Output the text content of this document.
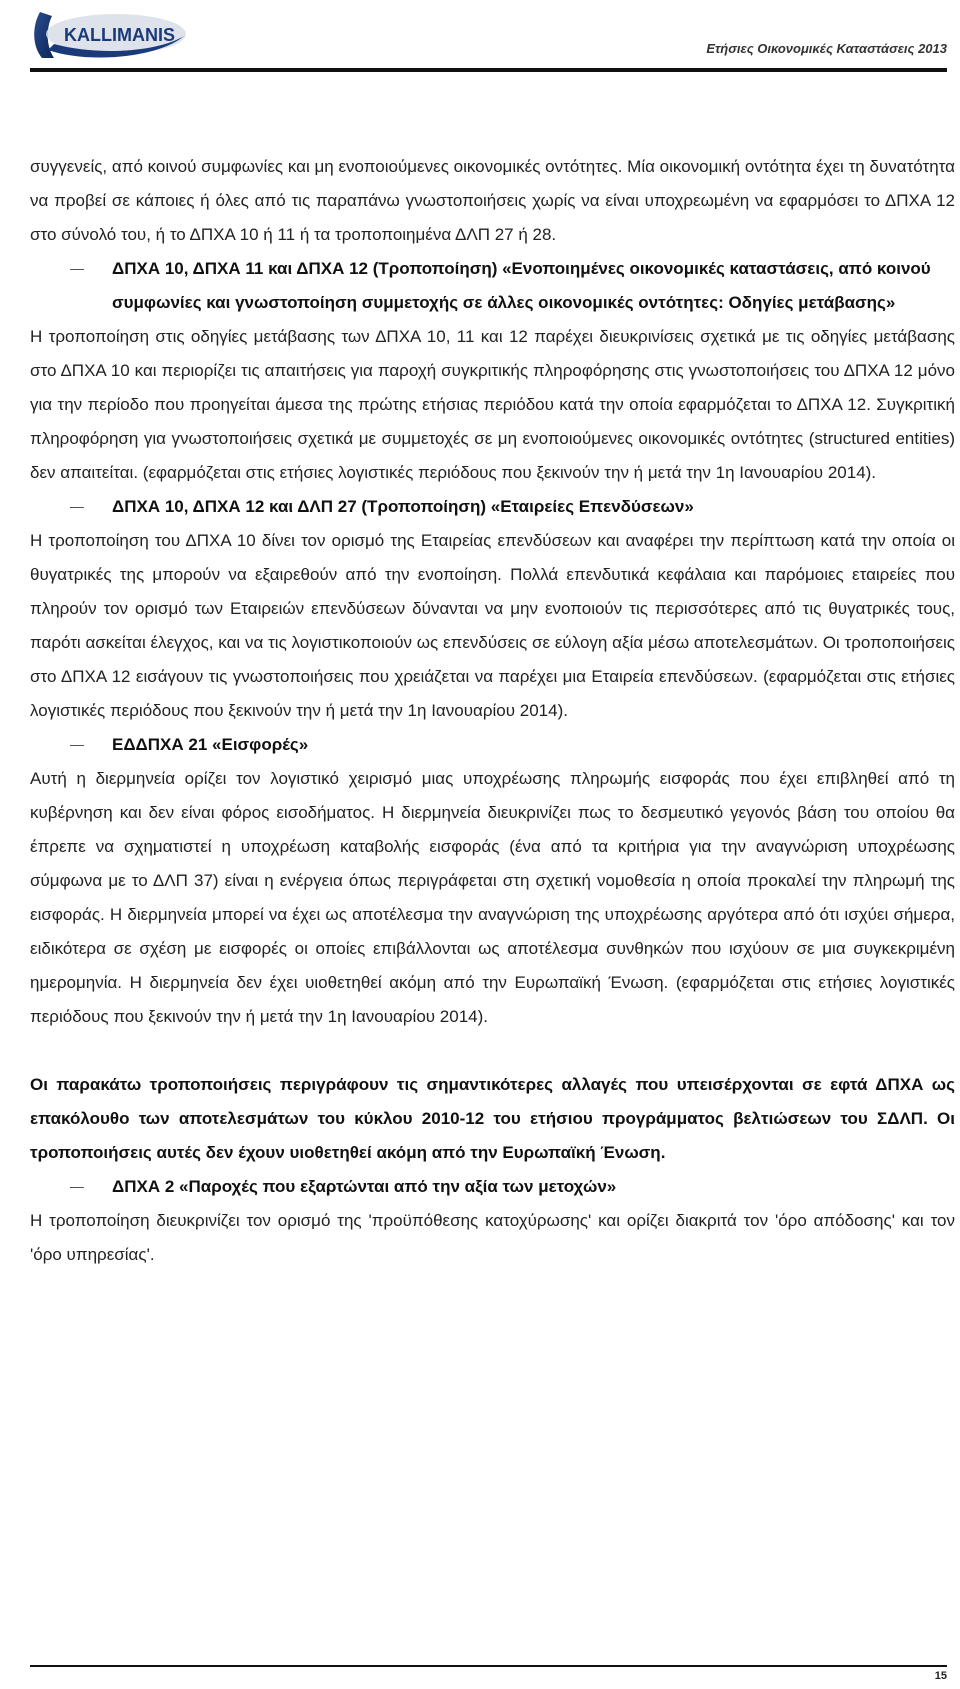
KALLIMANIS
Ετήσιες Οικονομικές Καταστάσεις 2013

συγγενείς, από κοινού συμφωνίες και μη ενοποιούμενες οικονομικές οντότητες. Μία οικονομική οντότητα έχει τη δυνατότητα να προβεί σε κάποιες ή όλες από τις παραπάνω γνωστοποιήσεις χωρίς να είναι υποχρεωμένη να εφαρμόσει το ΔΠΧΑ 12 στο σύνολό του, ή το ΔΠΧΑ 10 ή 11 ή τα τροποποιημένα ΔΛΠ 27 ή 28.

ΔΠΧΑ 10, ΔΠΧΑ 11 και ΔΠΧΑ 12 (Τροποποίηση) «Ενοποιημένες οικονομικές καταστάσεις, από κοινού συμφωνίες και γνωστοποίηση συμμετοχής σε άλλες οικονομικές οντότητες: Οδηγίες μετάβασης»

Η τροποποίηση στις οδηγίες μετάβασης των ΔΠΧΑ 10, 11 και 12 παρέχει διευκρινίσεις σχετικά με τις οδηγίες μετάβασης στο ΔΠΧΑ 10 και περιορίζει τις απαιτήσεις για παροχή συγκριτικής πληροφόρησης στις γνωστοποιήσεις του ΔΠΧΑ 12 μόνο για την περίοδο που προηγείται άμεσα της πρώτης ετήσιας περιόδου κατά την οποία εφαρμόζεται το ΔΠΧΑ 12. Συγκριτική πληροφόρηση για γνωστοποιήσεις σχετικά με συμμετοχές σε μη ενοποιούμενες οικονομικές οντότητες (structured entities) δεν απαιτείται. (εφαρμόζεται στις ετήσιες λογιστικές περιόδους που ξεκινούν την ή μετά την 1η Ιανουαρίου 2014).

ΔΠΧΑ 10, ΔΠΧΑ 12 και ΔΛΠ 27 (Τροποποίηση) «Εταιρείες Επενδύσεων»

Η τροποποίηση του ΔΠΧΑ 10 δίνει τον ορισμό της Εταιρείας επενδύσεων και αναφέρει την περίπτωση κατά την οποία οι θυγατρικές της μπορούν να εξαιρεθούν από την ενοποίηση. Πολλά επενδυτικά κεφάλαια και παρόμοιες εταιρείες που πληρούν τον ορισμό των Εταιρειών επενδύσεων δύνανται να μην ενοποιούν τις περισσότερες από τις θυγατρικές τους, παρότι ασκείται έλεγχος, και να τις λογιστικοποιούν ως επενδύσεις σε εύλογη αξία μέσω αποτελεσμάτων. Οι τροποποιήσεις στο ΔΠΧΑ 12 εισάγουν τις γνωστοποιήσεις που χρειάζεται να παρέχει μια Εταιρεία επενδύσεων. (εφαρμόζεται στις ετήσιες λογιστικές περιόδους που ξεκινούν την ή μετά την 1η Ιανουαρίου 2014).

ΕΔΔΠΧΑ 21 «Εισφορές»

Αυτή η διερμηνεία ορίζει τον λογιστικό χειρισμό μιας υποχρέωσης πληρωμής εισφοράς που έχει επιβληθεί από τη κυβέρνηση και δεν είναι φόρος εισοδήματος. Η διερμηνεία διευκρινίζει πως το δεσμευτικό γεγονός βάση του οποίου θα έπρεπε να σχηματιστεί η υποχρέωση καταβολής εισφοράς (ένα από τα κριτήρια για την αναγνώριση υποχρέωσης σύμφωνα με το ΔΛΠ 37) είναι η ενέργεια όπως περιγράφεται στη σχετική νομοθεσία η οποία προκαλεί την πληρωμή της εισφοράς. Η διερμηνεία μπορεί να έχει ως αποτέλεσμα την αναγνώριση της υποχρέωσης αργότερα από ότι ισχύει σήμερα, ειδικότερα σε σχέση με εισφορές οι οποίες επιβάλλονται ως αποτέλεσμα συνθηκών που ισχύουν σε μια συγκεκριμένη ημερομηνία. Η διερμηνεία δεν έχει υιοθετηθεί ακόμη από την Ευρωπαϊκή Ένωση. (εφαρμόζεται στις ετήσιες λογιστικές περιόδους που ξεκινούν την ή μετά την 1η Ιανουαρίου 2014).

Οι παρακάτω τροποποιήσεις περιγράφουν τις σημαντικότερες αλλαγές που υπεισέρχονται σε εφτά ΔΠΧΑ ως επακόλουθο των αποτελεσμάτων του κύκλου 2010-12 του ετήσιου προγράμματος βελτιώσεων του ΣΔΛΠ. Οι τροποποιήσεις αυτές δεν έχουν υιοθετηθεί ακόμη από την Ευρωπαϊκή Ένωση.

ΔΠΧΑ 2 «Παροχές που εξαρτώνται από την αξία των μετοχών»

Η τροποποίηση διευκρινίζει τον ορισμό της 'προϋπόθεσης κατοχύρωσης' και ορίζει διακριτά τον 'όρο απόδοσης' και τον 'όρο υπηρεσίας'.

15
